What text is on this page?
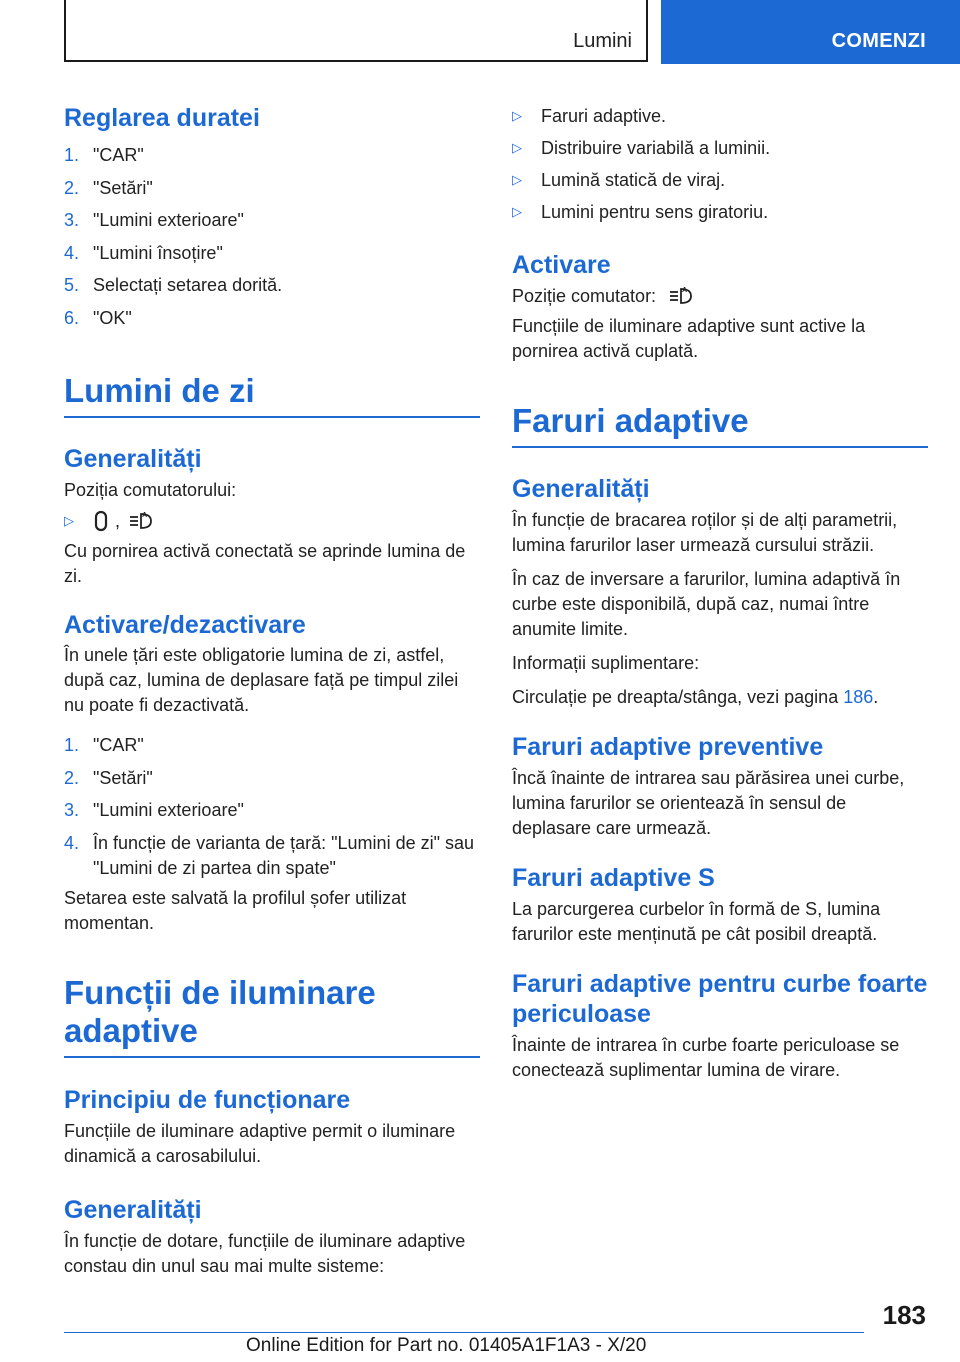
Lumini	COMENZI
Reglarea duratei
1. "CAR"
2. "Setări"
3. "Lumini exterioare"
4. "Lumini însoțire"
5. Selectați setarea dorită.
6. "OK"
Lumini de zi
Generalități

Poziția comutatorului:

▷	,	A

Cu pornirea activă conectată se aprinde lumina de zi.

Activare/dezactivare

În unele țări este obligatorie lumina de zi, astfel, după caz, lumina de deplasare față pe timpul zilei nu poate fi dezactivată.

1. "CAR"
2. "Setări"
3. "Lumini exterioare"
4. În funcție de varianta de țară: "Lumini de zi" sau "Lumini de zi partea din spate"

Setarea este salvată la profilul șofer utilizat momentan.

Funcții de iluminare adaptive
Principiu de funcționare

Funcțiile de iluminare adaptive permit o iluminare dinamică a carosabilului.

Generalități

În funcție de dotare, funcțiile de iluminare adaptive constau din unul sau mai multe sisteme:

▷	Faruri adaptive.
▷	Distribuire variabilă a luminii.
▷	Lumină statică de viraj.
▷	Lumini pentru sens giratoriu.
Activare
Poziție comutator:	A

Funcțiile de iluminare adaptive sunt active la pornirea activă cuplată.

Faruri adaptive
Generalități

În funcție de bracarea roților și de alți parametrii, lumina farurilor laser urmează cursului străzii.

În caz de inversare a farurilor, lumina adaptivă în curbe este disponibilă, după caz, numai între anumite limite.

Informații suplimentare:

Circulație pe dreapta/stânga, vezi pagina 186.

Faruri adaptive preventive

Încă înainte de intrarea sau părăsirea unei curbe, lumina farurilor se orientează în sensul de deplasare care urmează.

Faruri adaptive S

La parcurgerea curbelor în formă de S, lumina farurilor este menținută pe cât posibil dreaptă.

Faruri adaptive pentru curbe foarte periculoase

Înainte de intrarea în curbe foarte periculoase se conectează suplimentar lumina de virare.

183
Online Edition for Part no. 01405A1F1A3 - X/20
